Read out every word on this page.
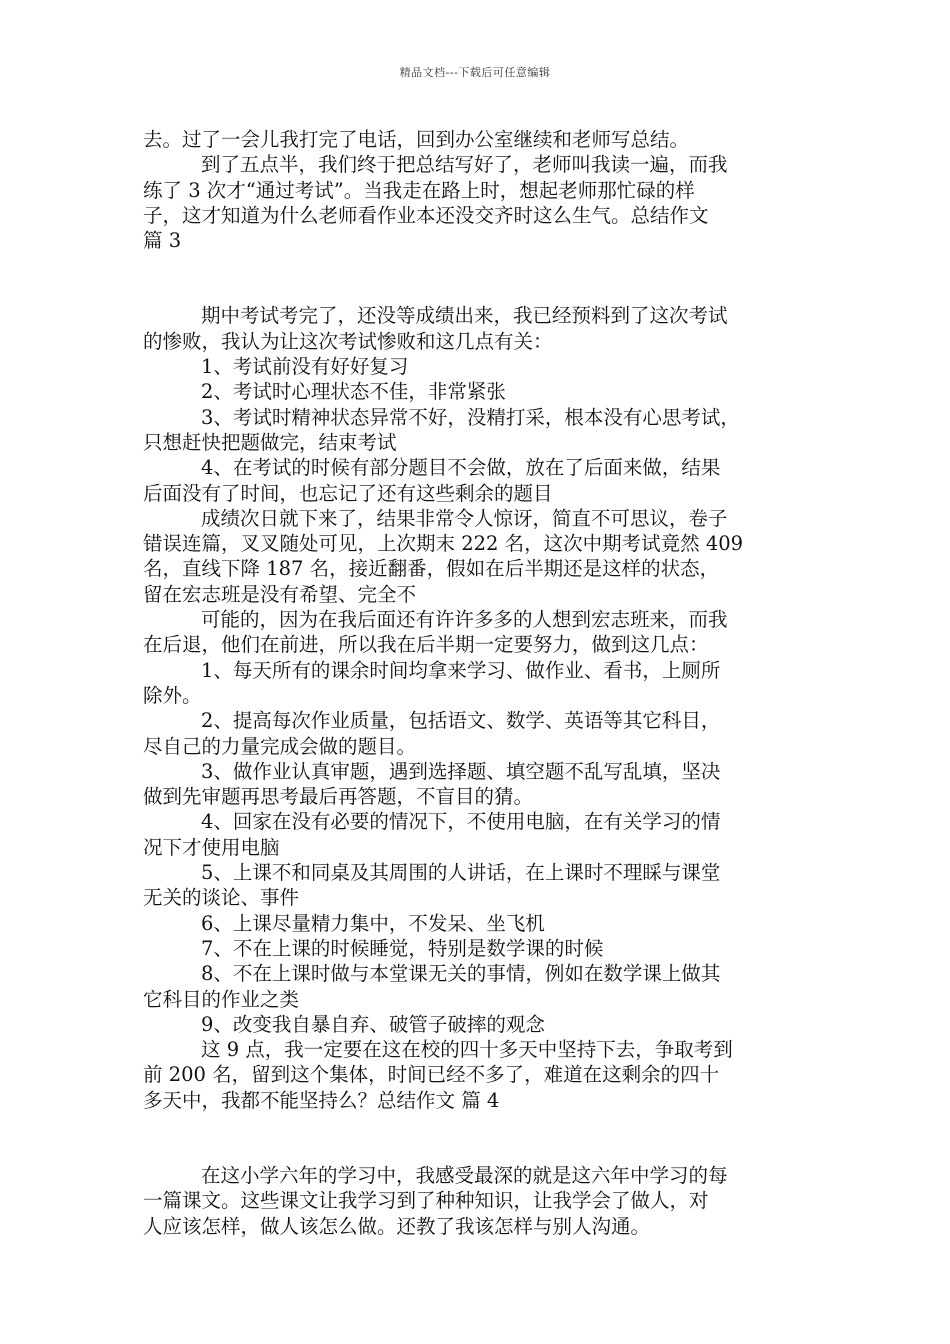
精品文档---下载后可任意编辑
去。过了一会儿我打完了电话，回到办公室继续和老师写总结。
到了五点半，我们终于把总结写好了，老师叫我读一遍，而我
练了 3 次才“通过考试”。当我走在路上时，想起老师那忙碌的样
子，这才知道为什么老师看作业本还没交齐时这么生气。总结作文
篇 3
期中考试考完了，还没等成绩出来，我已经预料到了这次考试
的惨败，我认为让这次考试惨败和这几点有关：
1、考试前没有好好复习
2、考试时心理状态不佳，非常紧张
3、考试时精神状态异常不好，没精打采，根本没有心思考试，
只想赶快把题做完，结束考试
4、在考试的时候有部分题目不会做，放在了后面来做，结果
后面没有了时间，也忘记了还有这些剩余的题目
成绩次日就下来了，结果非常令人惊讶，简直不可思议，卷子
错误连篇，叉叉随处可见，上次期末 222 名，这次中期考试竟然 409
名，直线下降 187 名，接近翻番，假如在后半期还是这样的状态，
留在宏志班是没有希望、完全不
可能的，因为在我后面还有许许多多的人想到宏志班来，而我
在后退，他们在前进，所以我在后半期一定要努力，做到这几点：
1、每天所有的课余时间均拿来学习、做作业、看书，上厕所
除外。
2、提高每次作业质量，包括语文、数学、英语等其它科目，
尽自己的力量完成会做的题目。
3、做作业认真审题，遇到选择题、填空题不乱写乱填，坚决
做到先审题再思考最后再答题，不盲目的猜。
4、回家在没有必要的情况下，不使用电脑，在有关学习的情
况下才使用电脑
5、上课不和同桌及其周围的人讲话，在上课时不理睬与课堂
无关的谈论、事件
6、上课尽量精力集中，不发呆、坐飞机
7、不在上课的时候睡觉，特别是数学课的时候
8、不在上课时做与本堂课无关的事情，例如在数学课上做其
它科目的作业之类
9、改变我自暴自弃、破管子破摔的观念
这 9 点，我一定要在这在校的四十多天中坚持下去，争取考到
前 200 名，留到这个集体，时间已经不多了，难道在这剩余的四十
多天中，我都不能坚持么？总结作文 篇 4
在这小学六年的学习中，我感受最深的就是这六年中学习的每
一篇课文。这些课文让我学习到了种种知识，让我学会了做人，对
人应该怎样，做人该怎么做。还教了我该怎样与别人沟通。
